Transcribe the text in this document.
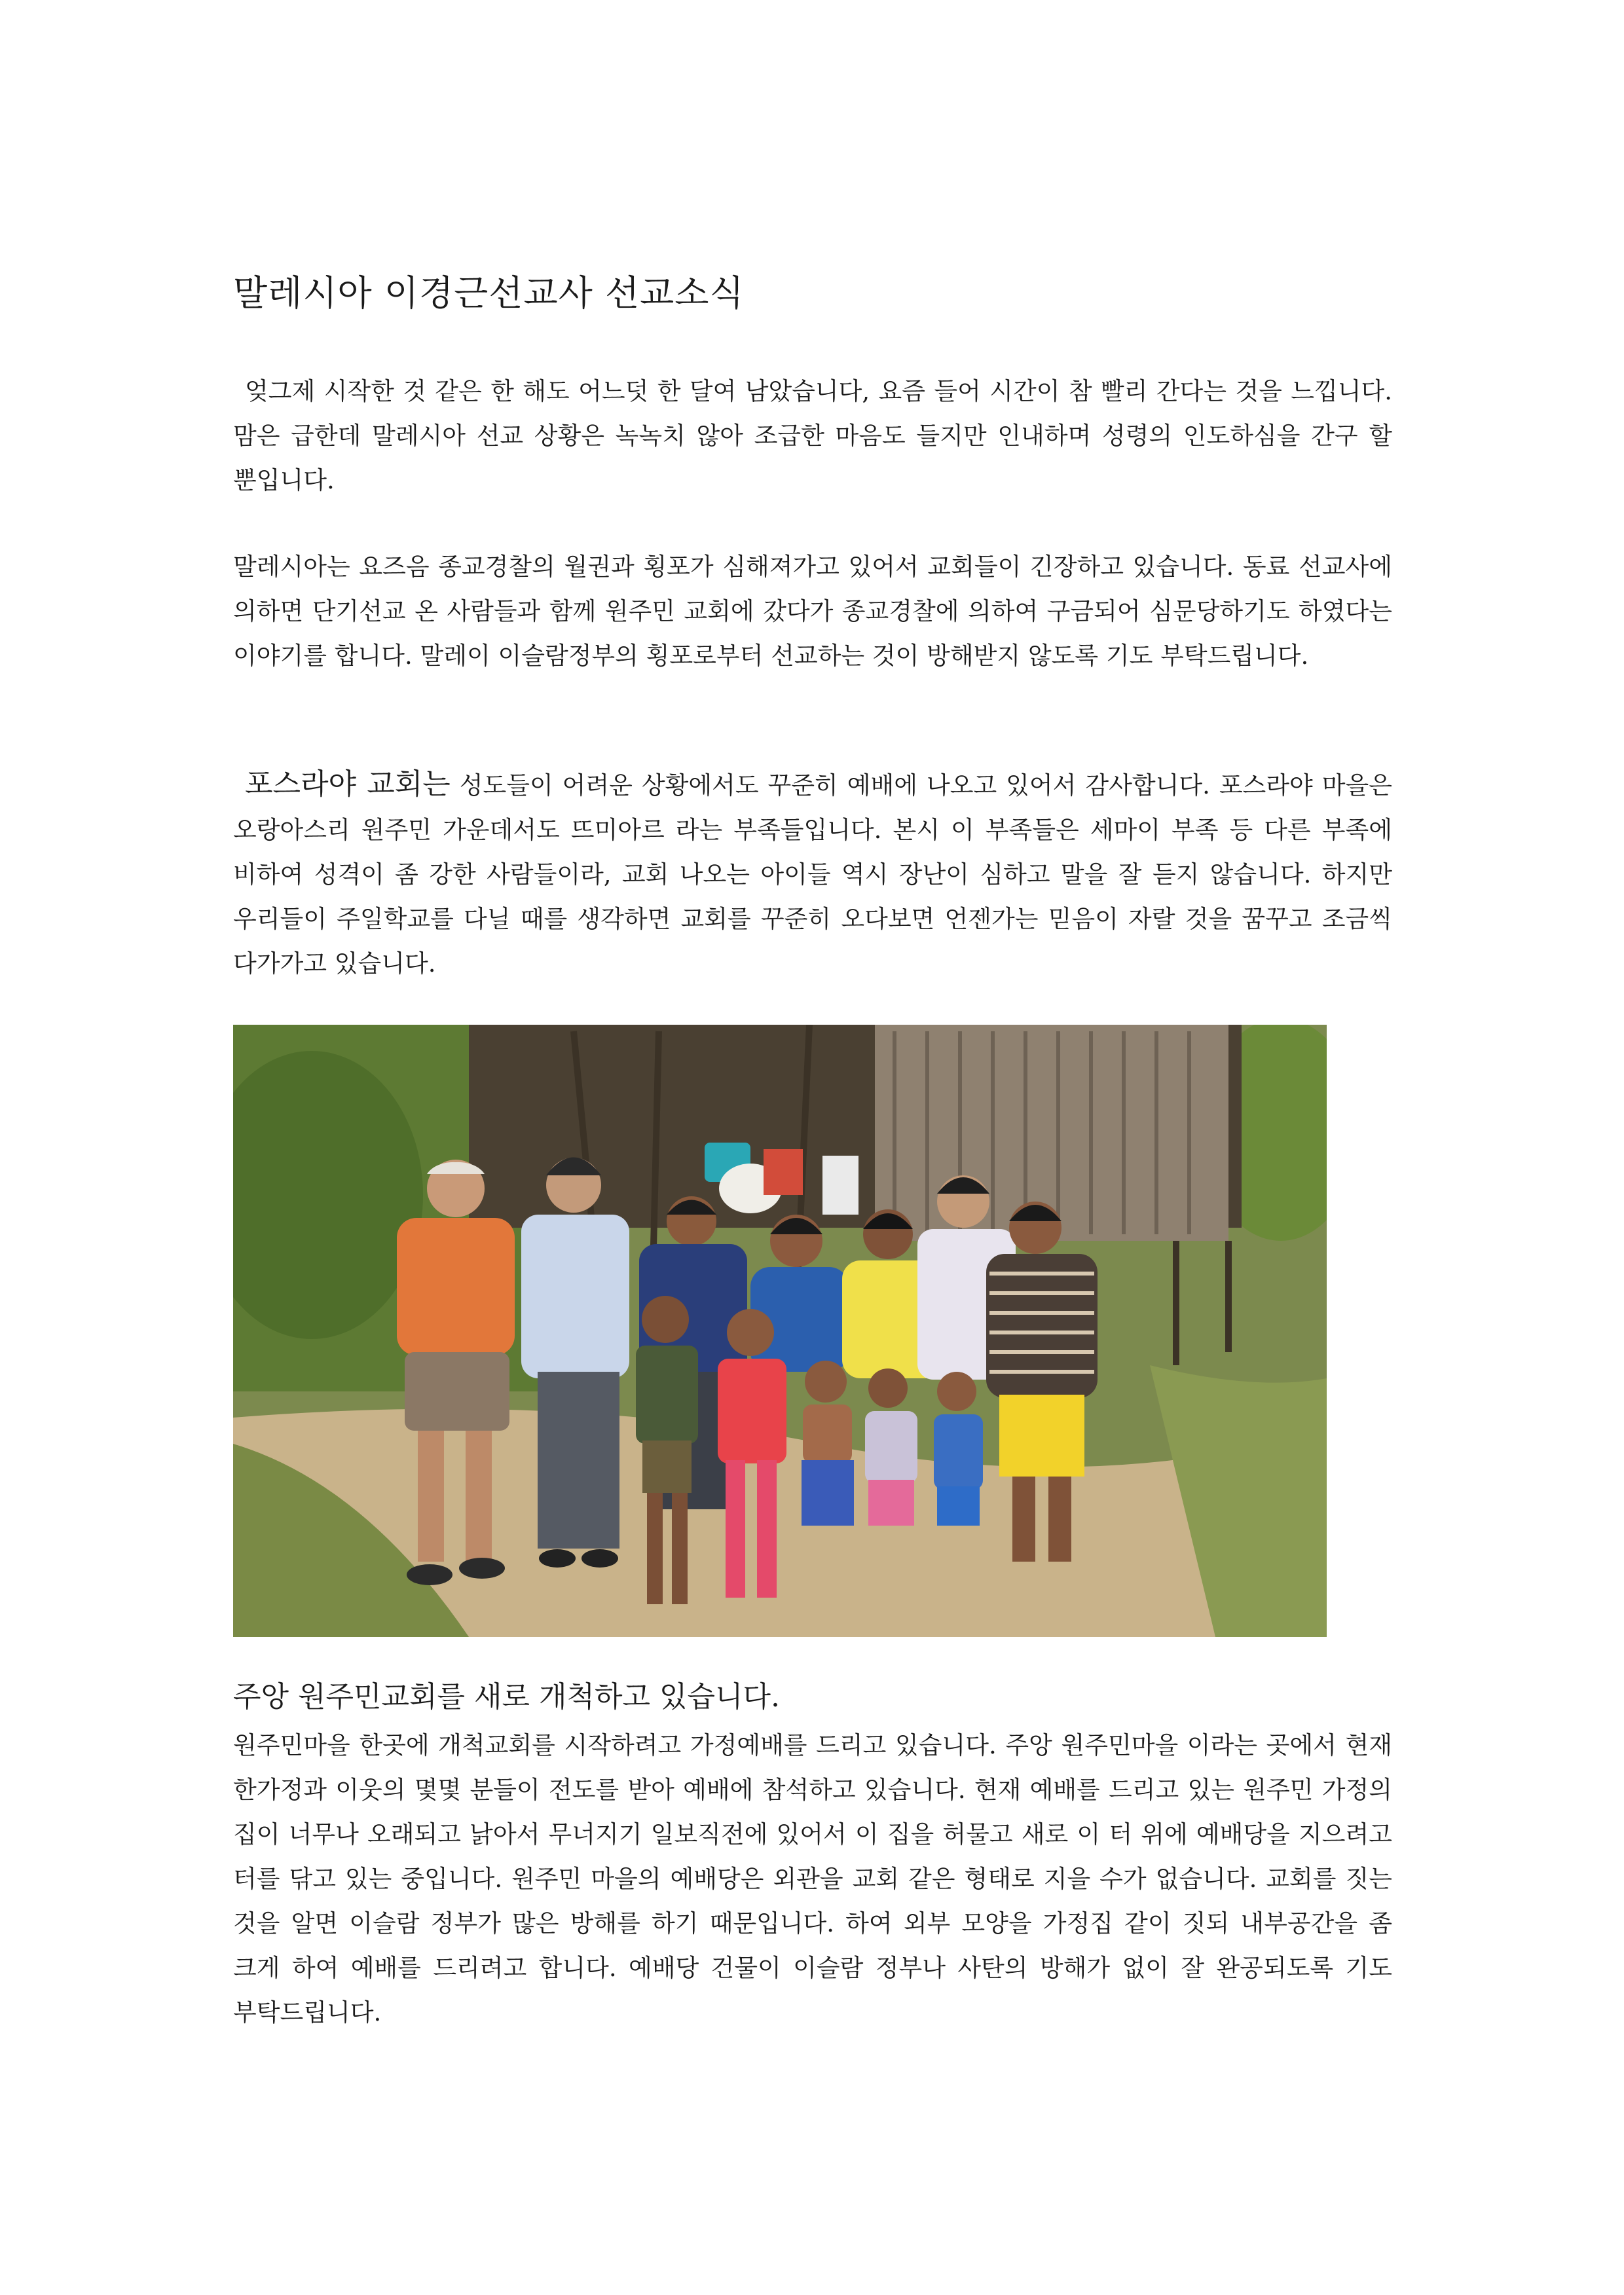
말레시아 이경근선교사 선교소식

엊그제 시작한 것 같은 한 해도 어느덧 한 달여 남았습니다, 요즘 들어 시간이 참 빨리 간다는 것을 느낍니다. 맘은 급한데 말레시아 선교 상황은 녹녹치 않아 조급한 마음도 들지만 인내하며 성령의 인도하심을 간구 할 뿐입니다.

말레시아는 요즈음 종교경찰의 월권과 횡포가 심해져가고 있어서 교회들이 긴장하고 있습니다. 동료 선교사에 의하면 단기선교 온 사람들과 함께 원주민 교회에 갔다가 종교경찰에 의하여 구금되어 심문당하기도 하였다는 이야기를 합니다. 말레이 이슬람정부의 횡포로부터 선교하는 것이 방해받지 않도록 기도 부탁드립니다.

포스라야 교회는 성도들이 어려운 상황에서도 꾸준히 예배에 나오고 있어서 감사합니다. 포스라야 마을은 오랑아스리 원주민 가운데서도 뜨미아르 라는 부족들입니다. 본시 이 부족들은 세마이 부족 등 다른 부족에 비하여 성격이 좀 강한 사람들이라, 교회 나오는 아이들 역시 장난이 심하고 말을 잘 듣지 않습니다. 하지만 우리들이 주일학교를 다닐 때를 생각하면 교회를 꾸준히 오다보면 언젠가는 믿음이 자랄 것을 꿈꾸고 조금씩 다가가고 있습니다.

주앙 원주민교회를 새로 개척하고 있습니다.

원주민마을 한곳에 개척교회를 시작하려고 가정예배를 드리고 있습니다. 주앙 원주민마을 이라는 곳에서 현재 한가정과 이웃의 몇몇 분들이 전도를 받아 예배에 참석하고 있습니다. 현재 예배를 드리고 있는 원주민 가정의 집이 너무나 오래되고 낡아서 무너지기 일보직전에 있어서 이 집을 허물고 새로 이 터 위에 예배당을 지으려고 터를 닦고 있는 중입니다. 원주민 마을의 예배당은 외관을 교회 같은 형태로 지을 수가 없습니다. 교회를 짓는 것을 알면 이슬람 정부가 많은 방해를 하기 때문입니다. 하여 외부 모양을 가정집 같이 짓되 내부공간을 좀 크게 하여 예배를 드리려고 합니다. 예배당 건물이 이슬람 정부나 사탄의 방해가 없이 잘 완공되도록 기도 부탁드립니다.
